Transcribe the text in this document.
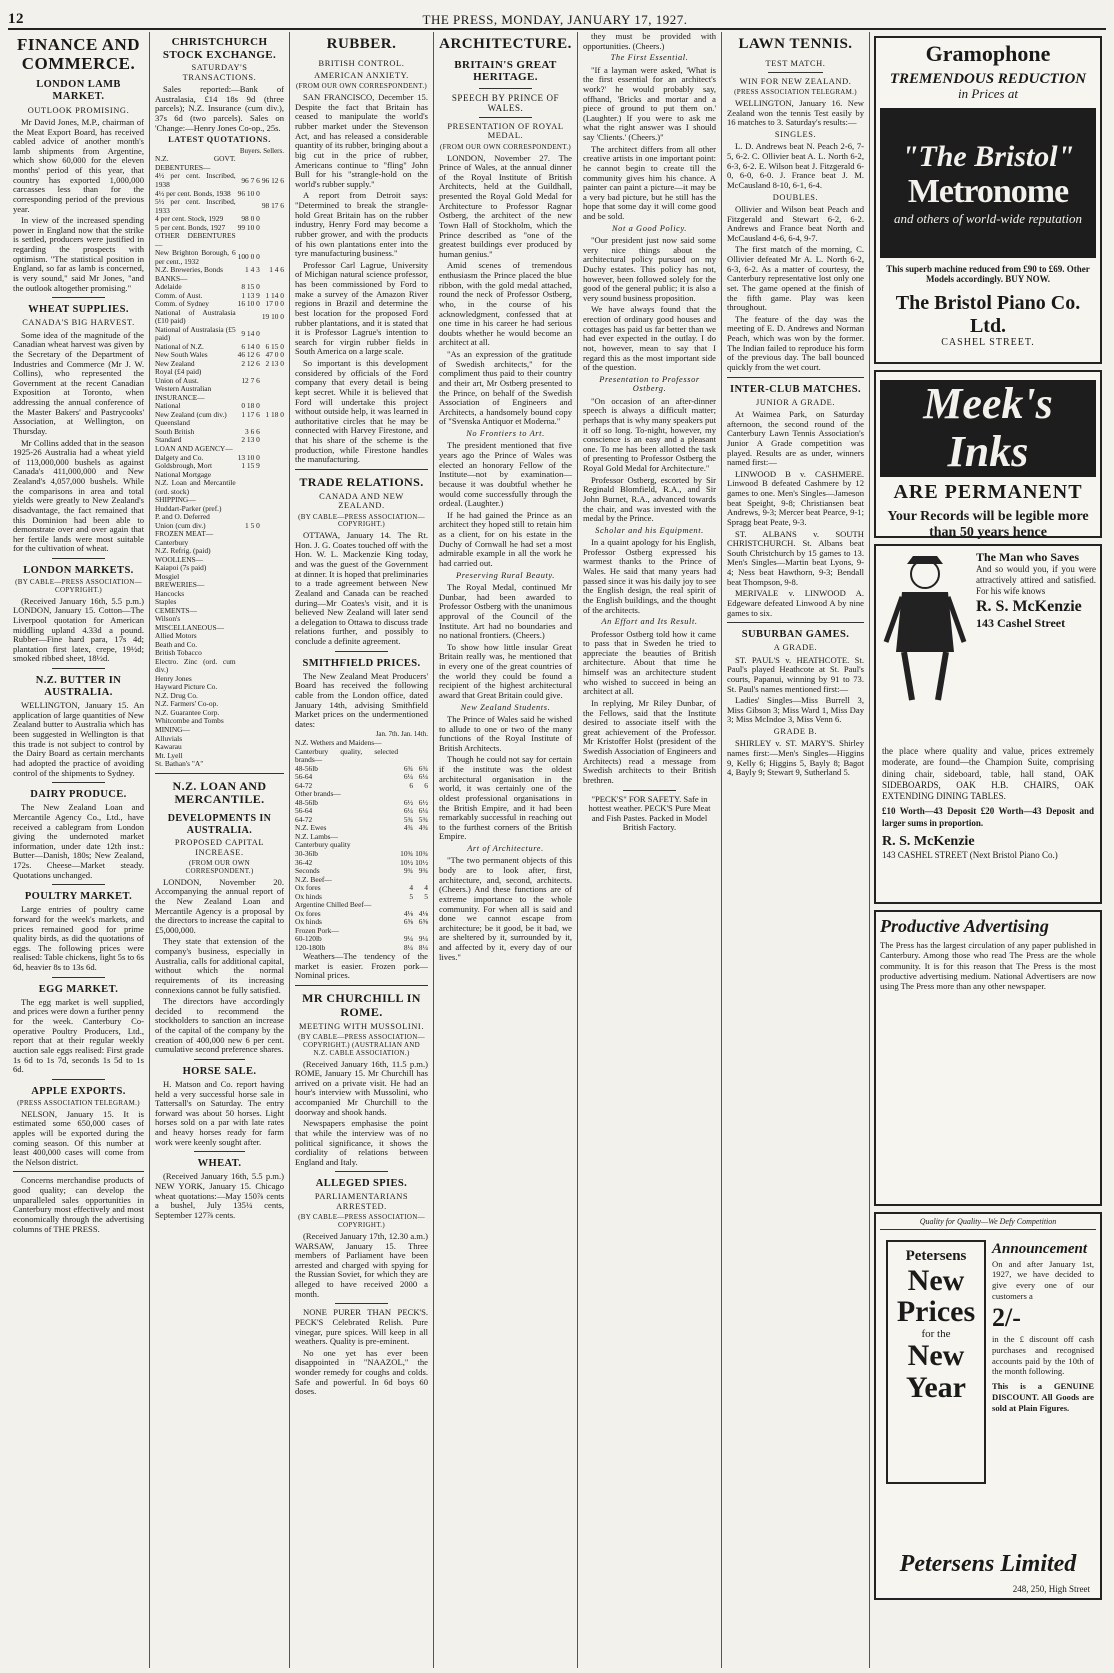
12	THE PRESS, MONDAY, JANUARY 17, 1927.
FINANCE AND COMMERCE.
LONDON LAMB MARKET.
OUTLOOK PROMISING.

Mr David Jones, M.P., chairman of the Meat Export Board, has received cabled advice of another month's lamb shipments from Argentine, which show 60,000 for the eleven months' period of this year, that country has exported 1,000,000 carcasses less than for the corresponding period of the previous year.

In view of the increased spending power in England now that the strike is settled, producers were justified in regarding the prospects with optimism. "The statistical position in England, so far as lamb is concerned, is very sound," said Mr Jones, "and the outlook altogether promising."

WHEAT SUPPLIES.
CANADA'S BIG HARVEST.

Some idea of the magnitude of the Canadian wheat harvest was given by the Secretary of the Department of Industries and Commerce (Mr J. W. Collins), who represented the Government at the recent Canadian Exposition at Toronto, when addressing the annual conference of the Master Bakers' and Pastrycooks' Association, at Wellington, on Thursday.

Mr Collins added that in the season 1925-26 Australia had a wheat yield of 113,000,000 bushels as against Canada's 411,000,000 and New Zealand's 4,057,000 bushels. While the comparisons in area and total yields were greatly to New Zealand's disadvantage, the fact remained that this Dominion had been able to demonstrate over and over again that her fertile lands were most suitable for the cultivation of wheat.

LONDON MARKETS.
(BY CABLE—PRESS ASSOCIATION—COPYRIGHT.)

(Received January 16th, 5.5 p.m.) LONDON, January 15. Cotton—The Liverpool quotation for American middling upland 4.33d a pound. Rubber—Fine hard para, 17s 4d; plantation first latex, crepe, 19½d; smoked ribbed sheet, 18½d.

N.Z. BUTTER IN AUSTRALIA.

WELLINGTON, January 15. An application of large quantities of New Zealand butter to Australia which has been suggested in Wellington is that this trade is not subject to control by the Dairy Board as certain merchants had adopted the practice of avoiding control of the shipments to Sydney.

DAIRY PRODUCE.

The New Zealand Loan and Mercantile Agency Co., Ltd., have received a cablegram from London giving the undernoted market information, under date 12th inst.: Butter—Danish, 180s; New Zealand, 172s. Cheese—Market steady. Quotations unchanged.

POULTRY MARKET.

Large entries of poultry came forward for the week's markets, and prices remained good for prime quality birds, as did the quotations of eggs. The following prices were realised: Table chickens, light 5s to 6s 6d, heavier 8s to 13s 6d.

EGG MARKET.

The egg market is well supplied, and prices were down a further penny for the week. Canterbury Co-operative Poultry Producers, Ltd., report that at their regular weekly auction sale eggs realised: First grade 1s 6d to 1s 7d, seconds 1s 5d to 1s 6d.

APPLE EXPORTS.
(PRESS ASSOCIATION TELEGRAM.)

NELSON, January 15. It is estimated some 650,000 cases of apples will be exported during the coming season. Of this number at least 400,000 cases will come from the Nelson district.

Concerns merchandise products of good quality; can develop the unparalleled sales opportunities in Canterbury most effectively and most economically through the advertising columns of THE PRESS.

CHRISTCHURCH STOCK EXCHANGE.
SATURDAY'S TRANSACTIONS.

Sales reported:—Bank of Australasia, £14 18s 9d (three parcels); N.Z. Insurance (cum div.), 37s 6d (two parcels). Sales on 'Change:—Henry Jones Co-op., 25s.

LATEST QUOTATIONS.
Buyers. Sellers.
N.Z. GOVT. DEBENTURES—		
4½ per cent. Inscribed, 1938	96 7 6	96 12 6
4½ per cent. Bonds, 1938	96 10 0	
5½ per cent. Inscribed, 1933		98 17 6
4 per cent. Stock, 1929	98 0 0	
5 per cent. Bonds, 1927	99 10 0	
OTHER DEBENTURES—		
New Brighton Borough, 6 per cent., 1932	100 0 0	
N.Z. Breweries, Bonds	1 4 3	1 4 6
BANKS—		
Adelaide	8 15 0	
Comm. of Aust.	1 13 9	1 14 0
Comm. of Sydney	16 10 0	17 0 0
National of Australasia (£10 paid)		19 10 0
National of Australasia (£5 paid)	9 14 0	
National of N.Z.	6 14 0	6 15 0
New South Wales	46 12 6	47 0 0
New Zealand	2 12 6	2 13 0
Royal (£4 paid)		
Union of Aust.	12 7 6	
Western Australian		
INSURANCE—		
National	0 18 0	
New Zealand (cum div.)	1 17 6	1 18 0
Queensland		
South British	3 6 6	
Standard	2 13 0	
LOAN AND AGENCY—		
Dalgety and Co.	13 10 0	
Goldsbrough, Mort	1 15 9	
National Mortgage		
N.Z. Loan and Mercantile (ord. stock)		
SHIPPING—		
Huddart-Parker (pref.)		
P. and O. Deferred		
Union (cum div.)	1 5 0	
FROZEN MEAT—		
Canterbury		
N.Z. Refrig. (paid)		
WOOLLENS—		
Kaiapoi (7s paid)		
Mosgiel		
BREWERIES—		
Hancocks		
Staples		
CEMENTS—		
Wilson's		
MISCELLANEOUS—		
Allied Motors		
Beath and Co.		
British Tobacco		
Electro. Zinc (ord. cum div.)		
Henry Jones		
Hayward Picture Co.		
N.Z. Drug Co.		
N.Z. Farmers' Co-op.		
N.Z. Guarantee Corp.		
Whitcombe and Tombs		
MINING—		
Alluvials		
Kawarau		
Mt. Lyell		
St. Bathan's "A"		
N.Z. LOAN AND MERCANTILE.
DEVELOPMENTS IN AUSTRALIA.
PROPOSED CAPITAL INCREASE.
(FROM OUR OWN CORRESPONDENT.)

LONDON, November 20. Accompanying the annual report of the New Zealand Loan and Mercantile Agency is a proposal by the directors to increase the capital to £5,000,000.

They state that extension of the company's business, especially in Australia, calls for additional capital, without which the normal requirements of its increasing connexions cannot be fully satisfied.

The directors have accordingly decided to recommend the stockholders to sanction an increase of the capital of the company by the creation of 400,000 new 6 per cent. cumulative second preference shares.

HORSE SALE.

H. Matson and Co. report having held a very successful horse sale in Tattersall's on Saturday. The entry forward was about 50 horses. Light horses sold on a par with late rates and heavy horses ready for farm work were keenly sought after.

WHEAT.

(Received January 16th, 5.5 p.m.) NEW YORK, January 15. Chicago wheat quotations:—May 150⅞ cents a bushel, July 135¼ cents, September 127⅞ cents.

RUBBER.
BRITISH CONTROL.
AMERICAN ANXIETY.
(FROM OUR OWN CORRESPONDENT.)

SAN FRANCISCO, December 15. Despite the fact that Britain has ceased to manipulate the world's rubber market under the Stevenson Act, and has released a considerable quantity of its rubber, bringing about a big cut in the price of rubber, Americans continue to "fling" John Bull for his "strangle-hold on the world's rubber supply."

A report from Detroit says: "Determined to break the strangle-hold Great Britain has on the rubber industry, Henry Ford may become a rubber grower, and with the products of his own plantations enter into the tyre manufacturing business."

Professor Carl Lagrue, University of Michigan natural science professor, has been commissioned by Ford to make a survey of the Amazon River regions in Brazil and determine the best location for the proposed Ford rubber plantations, and it is stated that it is Professor Lagrue's intention to search for virgin rubber fields in South America on a large scale.

So important is this development considered by officials of the Ford company that every detail is being kept secret. While it is believed that Ford will undertake this project without outside help, it was learned in authoritative circles that he may be connected with Harvey Firestone, and that his share of the scheme is the production, while Firestone handles the manufacturing.

TRADE RELATIONS.
CANADA AND NEW ZEALAND.
(BY CABLE—PRESS ASSOCIATION—COPYRIGHT.)

OTTAWA, January 14. The Rt. Hon. J. G. Coates touched off with the Hon. W. L. Mackenzie King today, and was the guest of the Government at dinner. It is hoped that preliminaries to a trade agreement between New Zealand and Canada can be reached during—Mr Coates's visit, and it is believed New Zealand will later send a delegation to Ottawa to discuss trade relations further, and possibly to conclude a definite agreement.

SMITHFIELD PRICES.

The New Zealand Meat Producers' Board has received the following cable from the London office, dated January 14th, advising Smithfield Market prices on the undermentioned dates:

Jan. 7th. Jan. 14th.
N.Z. Wethers and Maidens—		
Canterbury quality, selected brands—		
48-56lb	6¾	6¾
56-64	6¼	6¼
64-72	6	6
Other brands—		
48-56lb	6½	6½
56-64	6¼	6¼
64-72	5¾	5¾
N.Z. Ewes	4¾	4¾
N.Z. Lambs—		
Canterbury quality		
30-36lb	10¾	10¾
36-42	10½	10½
Seconds	9¾	9¾
N.Z. Beef—		
Ox fores	4	4
Ox hinds	5	5
Argentine Chilled Beef—		
Ox fores	4⅛	4⅛
Ox hinds	6⅝	6⅝
Frozen Pork—		
60-120lb	9¼	9¼
120-180lb	8¼	8¼

Weathers—The tendency of the market is easier. Frozen pork—Nominal prices.

MR CHURCHILL IN ROME.
MEETING WITH MUSSOLINI.
(BY CABLE—PRESS ASSOCIATION—COPYRIGHT.) (AUSTRALIAN AND N.Z. CABLE ASSOCIATION.)

(Received January 16th, 11.5 p.m.) ROME, January 15. Mr Churchill has arrived on a private visit. He had an hour's interview with Mussolini, who accompanied Mr Churchill to the doorway and shook hands.

Newspapers emphasise the point that while the interview was of no political significance, it shows the cordiality of relations between England and Italy.

ALLEGED SPIES.
PARLIAMENTARIANS ARRESTED.
(BY CABLE—PRESS ASSOCIATION—COPYRIGHT.)

(Received January 17th, 12.30 a.m.) WARSAW, January 15. Three members of Parliament have been arrested and charged with spying for the Russian Soviet, for which they are alleged to have received 2000 a month.

NONE PURER THAN PECK'S. PECK'S Celebrated Relish. Pure vinegar, pure spices. Will keep in all weathers. Quality is pre-eminent.

No one yet has ever been disappointed in "NAAZOL," the wonder remedy for coughs and colds. Safe and powerful. In 6d boys 60 doses.

ARCHITECTURE.
BRITAIN'S GREAT HERITAGE.
SPEECH BY PRINCE OF WALES.
PRESENTATION OF ROYAL MEDAL.
(FROM OUR OWN CORRESPONDENT.)

LONDON, November 27. The Prince of Wales, at the annual dinner of the Royal Institute of British Architects, held at the Guildhall, presented the Royal Gold Medal for Architecture to Professor Ragnar Ostberg, the architect of the new Town Hall of Stockholm, which the Prince described as "one of the greatest buildings ever produced by human genius."

Amid scenes of tremendous enthusiasm the Prince placed the blue ribbon, with the gold medal attached, round the neck of Professor Ostberg, who, in the course of his acknowledgment, confessed that at one time in his career he had serious doubts whether he would become an architect at all.

"As an expression of the gratitude of Swedish architects," for the compliment thus paid to their country and their art, Mr Ostberg presented to the Prince, on behalf of the Swedish Association of Engineers and Architects, a handsomely bound copy of "Svenska Antiquor et Moderna."

No Frontiers to Art.

The president mentioned that five years ago the Prince of Wales was elected an honorary Fellow of the Institute—not by examination—because it was doubtful whether he would come successfully through the ordeal. (Laughter.)

If he had gained the Prince as an architect they hoped still to retain him as a client, for on his estate in the Duchy of Cornwall he had set a most admirable example in all the work he had carried out.

Preserving Rural Beauty.

The Royal Medal, continued Mr Dunbar, had been awarded to Professor Ostberg with the unanimous approval of the Council of the Institute. Art had no boundaries and no national frontiers. (Cheers.)

To show how little insular Great Britain really was, he mentioned that in every one of the great countries of the world they could be found a recipient of the highest architectural award that Great Britain could give.

New Zealand Students.

The Prince of Wales said he wished to allude to one or two of the many functions of the Royal Institute of British Architects.

Though he could not say for certain if the institute was the oldest architectural organisation in the world, it was certainly one of the oldest professional organisations in the British Empire, and it had been remarkably successful in reaching out to the furthest corners of the British Empire.

Art of Architecture.

"The two permanent objects of this body are to look after, first, architecture, and, second, architects. (Cheers.) And these functions are of extreme importance to the whole community. For when all is said and done we cannot escape from architecture; be it good, be it bad, we are sheltered by it, surrounded by it, and affected by it, every day of our lives."

they must be provided with opportunities. (Cheers.)

The First Essential.

"If a layman were asked, 'What is the first essential for an architect's work?' he would probably say, offhand, 'Bricks and mortar and a piece of ground to put them on.' (Laughter.) If you were to ask me what the right answer was I should say 'Clients.' (Cheers.)"

The architect differs from all other creative artists in one important point: he cannot begin to create till the community gives him his chance. A painter can paint a picture—it may be a very bad picture, but he still has the hope that some day it will come good and be sold.

Not a Good Policy.

"Our president just now said some very nice things about the architectural policy pursued on my Duchy estates. This policy has not, however, been followed solely for the good of the general public; it is also a very sound business proposition.

We have always found that the erection of ordinary good houses and cottages has paid us far better than we had ever expected in the outlay. I do not, however, mean to say that I regard this as the most important side of the question.

Presentation to Professor Ostberg.

"On occasion of an after-dinner speech is always a difficult matter; perhaps that is why many speakers put it off so long. To-night, however, my conscience is an easy and a pleasant one. To me has been allotted the task of presenting to Professor Ostberg the Royal Gold Medal for Architecture."

Professor Ostberg, escorted by Sir Reginald Blomfield, R.A., and Sir John Burnet, R.A., advanced towards the chair, and was invested with the medal by the Prince.

Scholar and his Equipment.

In a quaint apology for his English, Professor Ostberg expressed his warmest thanks to the Prince of Wales. He said that many years had passed since it was his daily joy to see the English design, the real spirit of the English buildings, and the thought of the architects.

An Effort and Its Result.

Professor Ostberg told how it came to pass that in Sweden he tried to appreciate the beauties of British architecture. About that time he himself was an architecture student who wished to succeed in being an architect at all.

In replying, Mr Riley Dunbar, of the Fellows, said that the Institute desired to associate itself with the great achievement of the Professor. Mr Kristoffer Holst (president of the Swedish Association of Engineers and Architects) read a message from Swedish architects to their British brethren.

"PECK'S" FOR SAFETY. Safe in hottest weather. PECK'S Pure Meat and Fish Pastes. Packed in Model British Factory.

LAWN TENNIS.
TEST MATCH.
WIN FOR NEW ZEALAND.
(PRESS ASSOCIATION TELEGRAM.)

WELLINGTON, January 16. New Zealand won the tennis Test easily by 16 matches to 3. Saturday's results:—

SINGLES.

L. D. Andrews beat N. Peach 2-6, 7-5, 6-2. C. Ollivier beat A. L. North 6-2, 6-3, 6-2. E. Wilson beat J. Fitzgerald 6-0, 6-0, 6-0. J. France beat J. M. McCausland 8-10, 6-1, 6-4.

DOUBLES.

Ollivier and Wilson beat Peach and Fitzgerald and Stewart 6-2, 6-2. Andrews and France beat North and McCausland 4-6, 6-4, 9-7.

The first match of the morning, C. Ollivier defeated Mr A. L. North 6-2, 6-3, 6-2. As a matter of courtesy, the Canterbury representative lost only one set. The game opened at the finish of the fifth game. Play was keen throughout.

The feature of the day was the meeting of E. D. Andrews and Norman Peach, which was won by the former. The Indian failed to reproduce his form of the previous day. The ball bounced quickly from the wet court.

INTER-CLUB MATCHES.
JUNIOR A GRADE.

At Waimea Park, on Saturday afternoon, the second round of the Canterbury Lawn Tennis Association's Junior A Grade competition was played. Results are as under, winners named first:—

LINWOOD B v. CASHMERE. Linwood B defeated Cashmere by 12 games to one. Men's Singles—Jameson beat Speight, 9-8; Christiansen beat Andrews, 9-3; Mercer beat Pearce, 9-1; Spragg beat Peate, 9-3.

ST. ALBANS v. SOUTH CHRISTCHURCH. St. Albans beat South Christchurch by 15 games to 13. Men's Singles—Martin beat Lyons, 9-4; Ness beat Hawthorn, 9-3; Bendall beat Thompson, 9-8.

MERIVALE v. LINWOOD A. Edgeware defeated Linwood A by nine games to six.

SUBURBAN GAMES.
A GRADE.

ST. PAUL'S v. HEATHCOTE. St. Paul's played Heathcote at St. Paul's courts, Papanui, winning by 91 to 73. St. Paul's names mentioned first:—

Ladies' Singles—Miss Burrell 3, Miss Gibson 3; Miss Ward 1, Miss Day 3; Miss McIndoe 3, Miss Venn 6.

GRADE B.

SHIRLEY v. ST. MARY'S. Shirley names first:—Men's Singles—Higgins 9, Kelly 6; Higgins 5, Bayly 8; Bagot 4, Bayly 9; Stewart 9, Sutherland 5.

Gramophone
TREMENDOUS REDUCTION
in Prices at
"The Bristol"
Metronome
and others of world-wide reputation
This superb machine reduced from £90 to £69. Other Models accordingly. BUY NOW.
The Bristol Piano Co. Ltd.
CASHEL STREET.
Meek's Inks
ARE PERMANENT
Your Records will be legible more than 50 years hence
The Man who Saves
And so would you, if you were attractively attired and satisfied. For his wife knows
R. S. McKenzie
143 Cashel Street
the place where quality and value, prices extremely moderate, are found—the Champion Suite, comprising dining chair, sideboard, table, hall stand, OAK SIDEBOARDS, OAK H.B. CHAIRS, OAK EXTENDING DINING TABLES.
£10 Worth—43 Deposit £20 Worth—43 Deposit and larger sums in proportion.
R. S. McKenzie
143 CASHEL STREET (Next Bristol Piano Co.)
Productive Advertising
The Press has the largest circulation of any paper published in Canterbury. Among those who read The Press are the whole community. It is for this reason that The Press is the most productive advertising medium. National Advertisers are now using The Press more than any other newspaper.
Quality for Quality—We Defy Competition
Petersens
New
Prices
for the
New
Year
Announcement
On and after January 1st, 1927, we have decided to give every one of our customers a
2/-
in the £ discount off cash purchases and recognised accounts paid by the 10th of the month following.
This is a GENUINE DISCOUNT. All Goods are sold at Plain Figures.
Petersens Limited
248, 250, High Street
